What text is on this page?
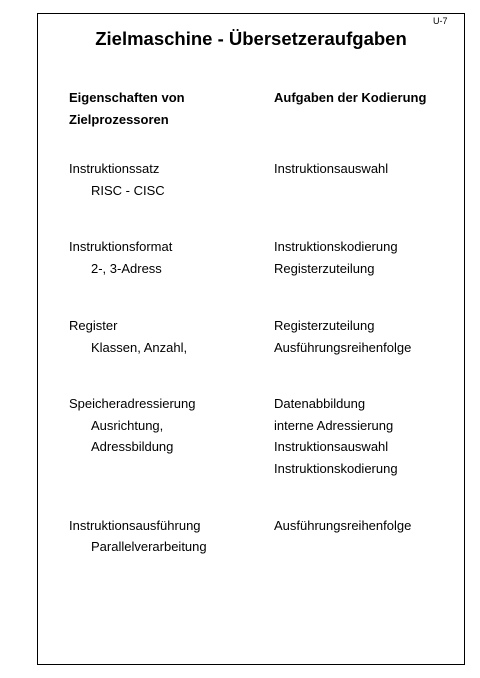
U-7
Zielmaschine - Übersetzeraufgaben
Eigenschaften von
Zielprozessoren
Aufgaben der Kodierung
Instruktionssatz
RISC - CISC
Instruktionsauswahl
Instruktionsformat
2-, 3-Adress
Instruktionskodierung
Registerzuteilung
Register
Klassen, Anzahl,
Registerzuteilung
Ausführungsreihenfolge
Speicheradressierung
Ausrichtung,
Adressbildung
Datenabbildung
interne Adressierung
Instruktionsauswahl
Instruktionskodierung
Instruktionsausführung
Parallelverarbeitung
Ausführungsreihenfolge
